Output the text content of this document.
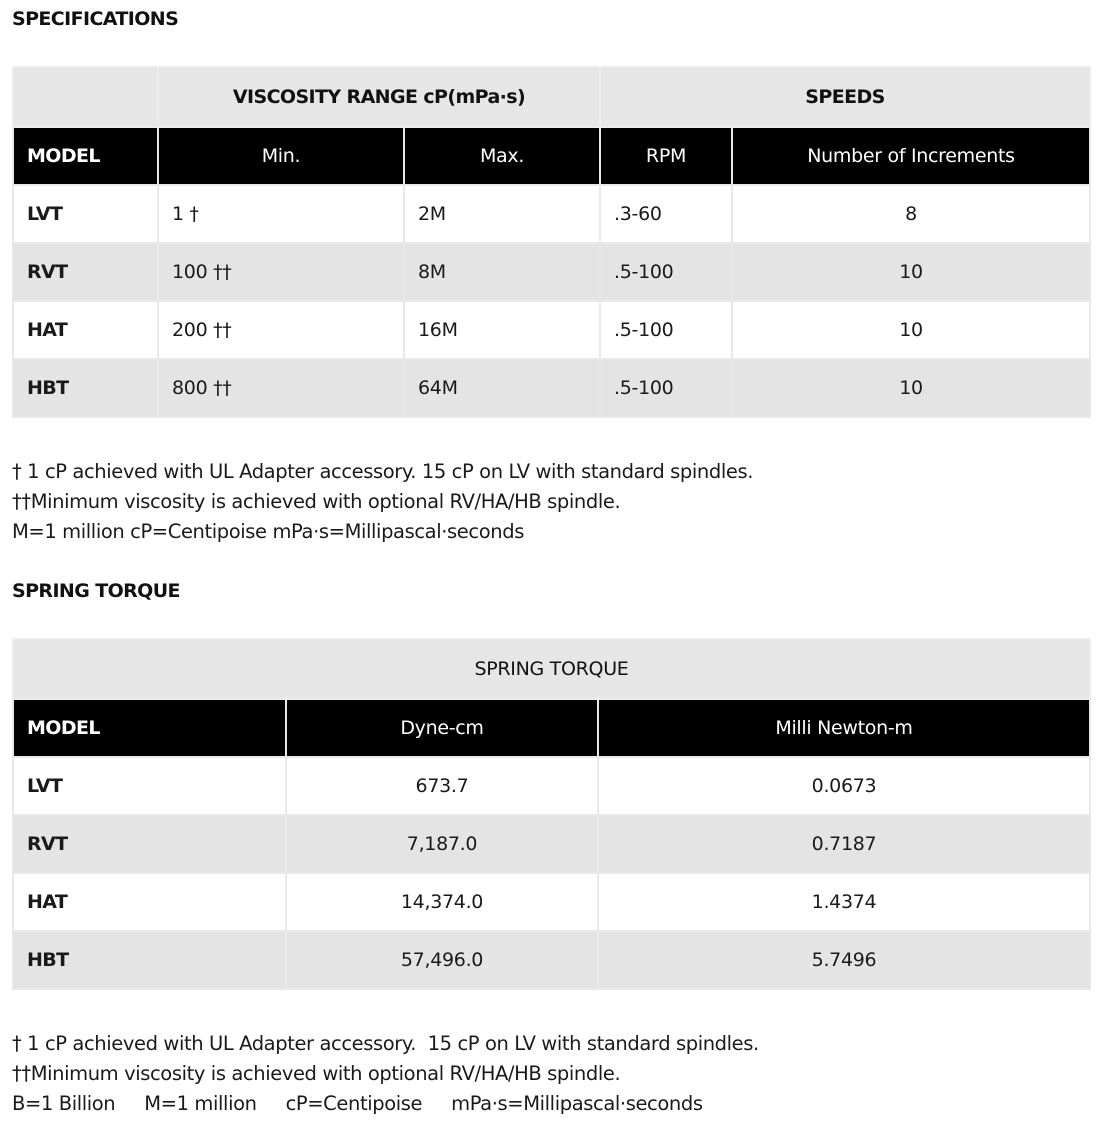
SPECIFICATIONS
	VISCOSITY RANGE cP(mPa·s)		SPEEDS	
MODEL	Min.	Max.	RPM	Number of Increments
LVT	1 †	2M	.3-60	8
RVT	100 ††	8M	.5-100	10
HAT	200 ††	16M	.5-100	10
HBT	800 ††	64M	.5-100	10
† 1 cP achieved with UL Adapter accessory. 15 cP on LV with standard spindles.
††Minimum viscosity is achieved with optional RV/HA/HB spindle.
M=1 million cP=Centipoise mPa·s=Millipascal·seconds
SPRING TORQUE
SPRING TORQUE		
MODEL	Dyne-cm	Milli Newton-m
LVT	673.7	0.0673
RVT	7,187.0	0.7187
HAT	14,374.0	1.4374
HBT	57,496.0	5.7496
† 1 cP achieved with UL Adapter accessory.  15 cP on LV with standard spindles.
††Minimum viscosity is achieved with optional RV/HA/HB spindle.
B=1 Billion     M=1 million     cP=Centipoise     mPa·s=Millipascal·seconds
